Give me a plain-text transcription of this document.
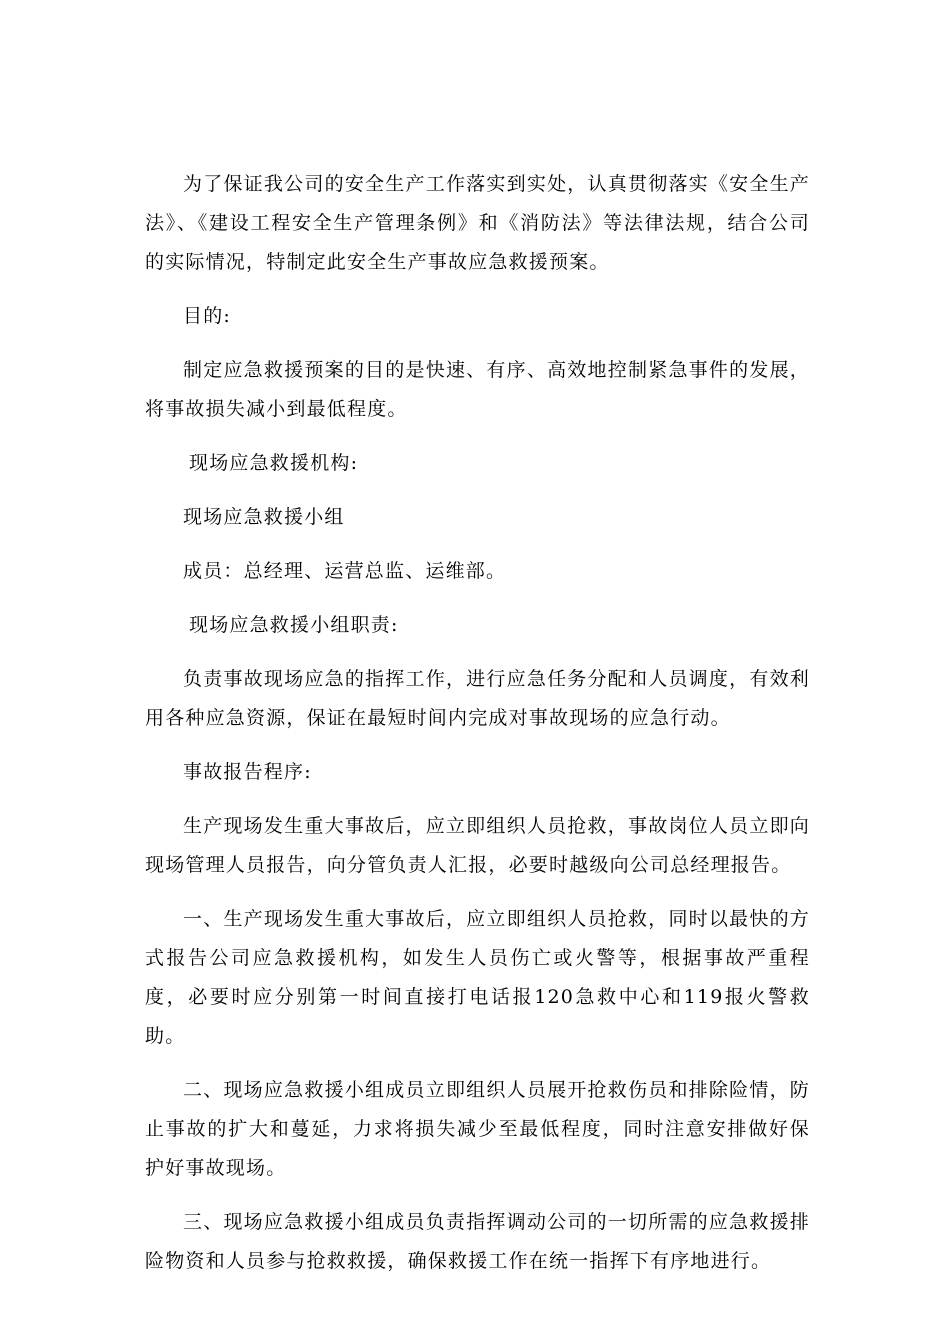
为了保证我公司的安全生产工作落实到实处，认真贯彻落实《安全生产法》、《建设工程安全生产管理条例》和《消防法》等法律法规，结合公司的实际情况，特制定此安全生产事故应急救援预案。

目的:

制定应急救援预案的目的是快速、有序、高效地控制紧急事件的发展，将事故损失减小到最低程度。

现场应急救援机构:

现场应急救援小组

成员：总经理、运营总监、运维部。

现场应急救援小组职责:

负责事故现场应急的指挥工作，进行应急任务分配和人员调度，有效利用各种应急资源，保证在最短时间内完成对事故现场的应急行动。

事故报告程序:

生产现场发生重大事故后，应立即组织人员抢救，事故岗位人员立即向现场管理人员报告，向分管负责人汇报，必要时越级向公司总经理报告。

一、生产现场发生重大事故后，应立即组织人员抢救，同时以最快的方式报告公司应急救援机构，如发生人员伤亡或火警等，根据事故严重程度，必要时应分别第一时间直接打电话报120急救中心和119报火警救助。

二、现场应急救援小组成员立即组织人员展开抢救伤员和排除险情，防止事故的扩大和蔓延，力求将损失减少至最低程度，同时注意安排做好保护好事故现场。

三、现场应急救援小组成员负责指挥调动公司的一切所需的应急救援排险物资和人员参与抢救救援，确保救援工作在统一指挥下有序地进行。
